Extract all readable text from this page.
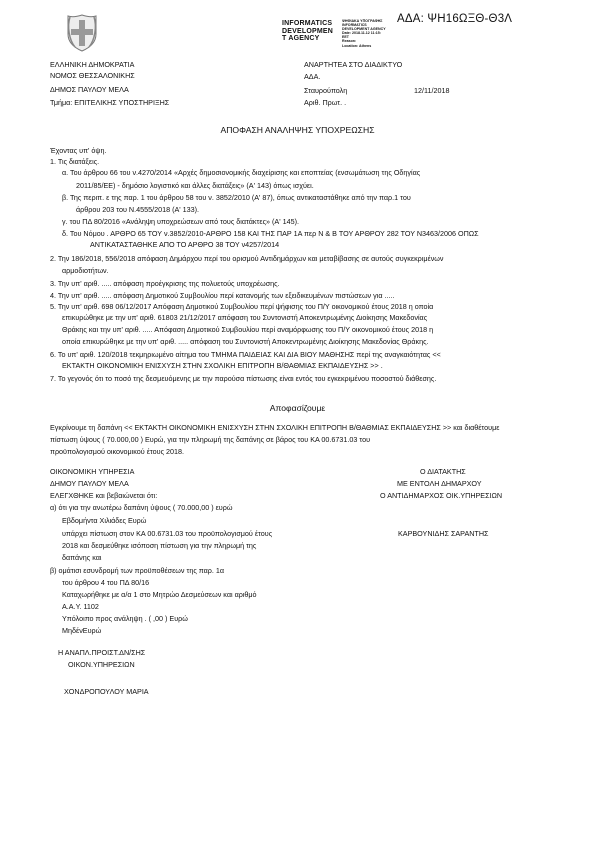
INFORMATICS
DEVELOPMEN
T AGENCY
ΨΗΦΙΑΚΑ ΥΠΟΓΡΑΦΗΣ
INFORMATICS
DEVELOPMENT AGENCY
Date: 2018.11.12 11:15:
EET
Reason:
Location: Athens
ΑΔΑ: ΨΗ16ΩΞΘ-Θ3Λ
ΕΛΛΗΝΙΚΗ ΔΗΜΟΚΡΑΤΙΑ
ΝΟΜΟΣ ΘΕΣΣΑΛΟΝΙΚΗΣ
ΔΗΜΟΣ ΠΑΥΛΟΥ ΜΕΛΑ
Τμήμα: ΕΠΙΤΕΛΙΚΗΣ ΥΠΟΣΤΗΡΙΞΗΣ
ΑΝΑΡΤΗΤΕΑ ΣΤΟ ΔΙΑΔΙΚΤΥΟ
ΑΔΑ.
Σταυρούπολη	12/11/2018
Αριθ. Πρωτ. .
ΑΠΟΦΑΣΗ ΑΝΑΛΗΨΗΣ ΥΠΟΧΡΕΩΣΗΣ
Έχοντας υπ' όψη.
1. Τις διατάξεις.
α. Του άρθρου 66 του ν.4270/2014 «Αρχές δημοσιονομικής διαχείρισης και εποπτείας (ενσωμάτωση της Οδηγίας
2011/85/ΕΕ) - δημόσιο λογιστικό και άλλες διατάξεις» (Α' 143) όπως ισχύει.
β. Της περιπ. ε της παρ. 1 του άρθρου 58 του ν. 3852/2010 (Α' 87), όπως αντικαταστάθηκε από την παρ.1 του
άρθρου 203 του Ν.4555/2018 (Α' 133).
γ. του ΠΔ 80/2016 «Ανάληψη υποχρεώσεων από τους διατάκτες» (Α' 145).
δ. Του Νόμου . ΑΡΘΡΟ 65 ΤΟΥ ν.3852/2010-ΑΡΘΡΟ 158 ΚΑΙ ΤΗΣ ΠΑΡ 1Α περ Ν & Β ΤΟΥ ΑΡΘΡΟΥ 282 ΤΟΥ Ν3463/2006 ΟΠΩΣ
ΑΝΤΙΚΑΤΑΣΤΑΘΗΚΕ ΑΠΟ ΤΟ ΑΡΘΡΟ 38 ΤΟΥ ν4257/2014
2. Την 186/2018, 556/2018 απόφαση Δημάρχου περί του ορισμού Αντιδημάρχων και μεταβίβασης σε αυτούς συγκεκριμένων
αρμοδιοτήτων.
3. Την υπ' αριθ. ..... απόφαση προέγκρισης της πολυετούς υποχρέωσης.
4. Την υπ' αριθ. ..... απόφαση Δημοτικού Συμβουλίου περί κατανομής των εξειδικευμένων πιστώσεων για .....
5. Την υπ' αριθ. 698 06/12/2017 Απόφαση Δημοτικού Συμβουλίου περί ψήφισης του Π/Υ οικονομικού έτους 2018 η οποία
επικυρώθηκε με την υπ' αριθ. 61803 21/12/2017 απόφαση του Συντονιστή Αποκεντρωμένης Διοίκησης Μακεδονίας
Θράκης και την υπ' αριθ. ..... Απόφαση Δημοτικού Συμβουλίου περί αναμόρφωσης του Π/Υ οικονομικού έτους 2018 η
οποία επικυρώθηκε με την υπ' αριθ. ..... απόφαση του Συντονιστή Αποκεντρωμένης Διοίκησης Μακεδονίας Θράκης.
6. Το υπ' αριθ. 120/2018 τεκμηριωμένο αίτημα του ΤΜΗΜΑ ΠΑΙΔΕΙΑΣ ΚΑΙ ΔΙΑ ΒΙΟΥ ΜΑΘΗΣΗΣ περί της αναγκαιότητας <<
ΕΚΤΑΚΤΗ ΟΙΚΟΝΟΜΙΚΗ ΕΝΙΣΧΥΣΗ ΣΤΗΝ ΣΧΟΛΙΚΗ ΕΠΙΤΡΟΠΗ Β/ΘΑΘΜΙΑΣ ΕΚΠΑΙΔΕΥΣΗΣ >> .
7. Το γεγονός ότι το ποσό της δεσμευόμενης με την παρούσα πίστωσης είναι εντός του εγκεκριμένου ποσοστού διάθεσης.
Αποφασίζουμε
Εγκρίνουμε τη δαπάνη << ΕΚΤΑΚΤΗ ΟΙΚΟΝΟΜΙΚΗ ΕΝΙΣΧΥΣΗ ΣΤΗΝ ΣΧΟΛΙΚΗ ΕΠΙΤΡΟΠΗ Β/ΘΑΘΜΙΑΣ ΕΚΠΑΙΔΕΥΣΗΣ >> και διαθέτουμε
πίστωση ύψους ( 70.000,00 ) Ευρώ, για την πληρωμή της δαπάνης σε βάρος του ΚΑ 00.6731.03 του
προϋπολογισμού οικονομικού έτους 2018.
ΟΙΚΟΝΟΜΙΚΗ ΥΠΗΡΕΣΙΑ
ΔΗΜΟΥ ΠΑΥΛΟΥ ΜΕΛΑ
ΕΛΕΓΧΘΗΚΕ και βεβαιώνεται ότι:
α) ότι για την ανωτέρω δαπάνη ύψους ( 70.000,00 ) ευρώ
Εβδομήντα Χιλιάδες Ευρώ
υπάρχει πίστωση στον ΚΑ 00.6731.03 του προϋπολογισμού έτους
2018 και δεσμεύθηκε ισόποση πίστωση για την πληρωμή της
δαπάνης και
β) ομάτισι εσυνδρομή των προϋποθέσεων της παρ. 1α
του άρθρου 4 του ΠΔ 80/16
Καταχωρήθηκε με α/α 1 στο Μητρώο Δεσμεύσεων και αριθμό
Α.Α.Υ. 1102
Υπόλοιπο προς ανάληψη . ( ,00 ) Ευρώ
ΜηδένΕυρώ
Ο ΔΙΑΤΑΚΤΗΣ
ΜΕ ΕΝΤΟΛΗ ΔΗΜΑΡΧΟΥ
Ο ΑΝΤΙΔΗΜΑΡΧΟΣ ΟΙΚ.ΥΠΗΡΕΣΙΩΝ
ΚΑΡΒΟΥΝΙΔΗΣ ΣΑΡΑΝΤΗΣ
Η ΑΝΑΠΛ.ΠΡΟΙΣΤ.ΔΝ/ΣΗΣ
ΟΙΚΟΝ.ΥΠΗΡΕΣΙΩΝ
ΧΟΝΔΡΟΠΟΥΛΟΥ ΜΑΡΙΑ
